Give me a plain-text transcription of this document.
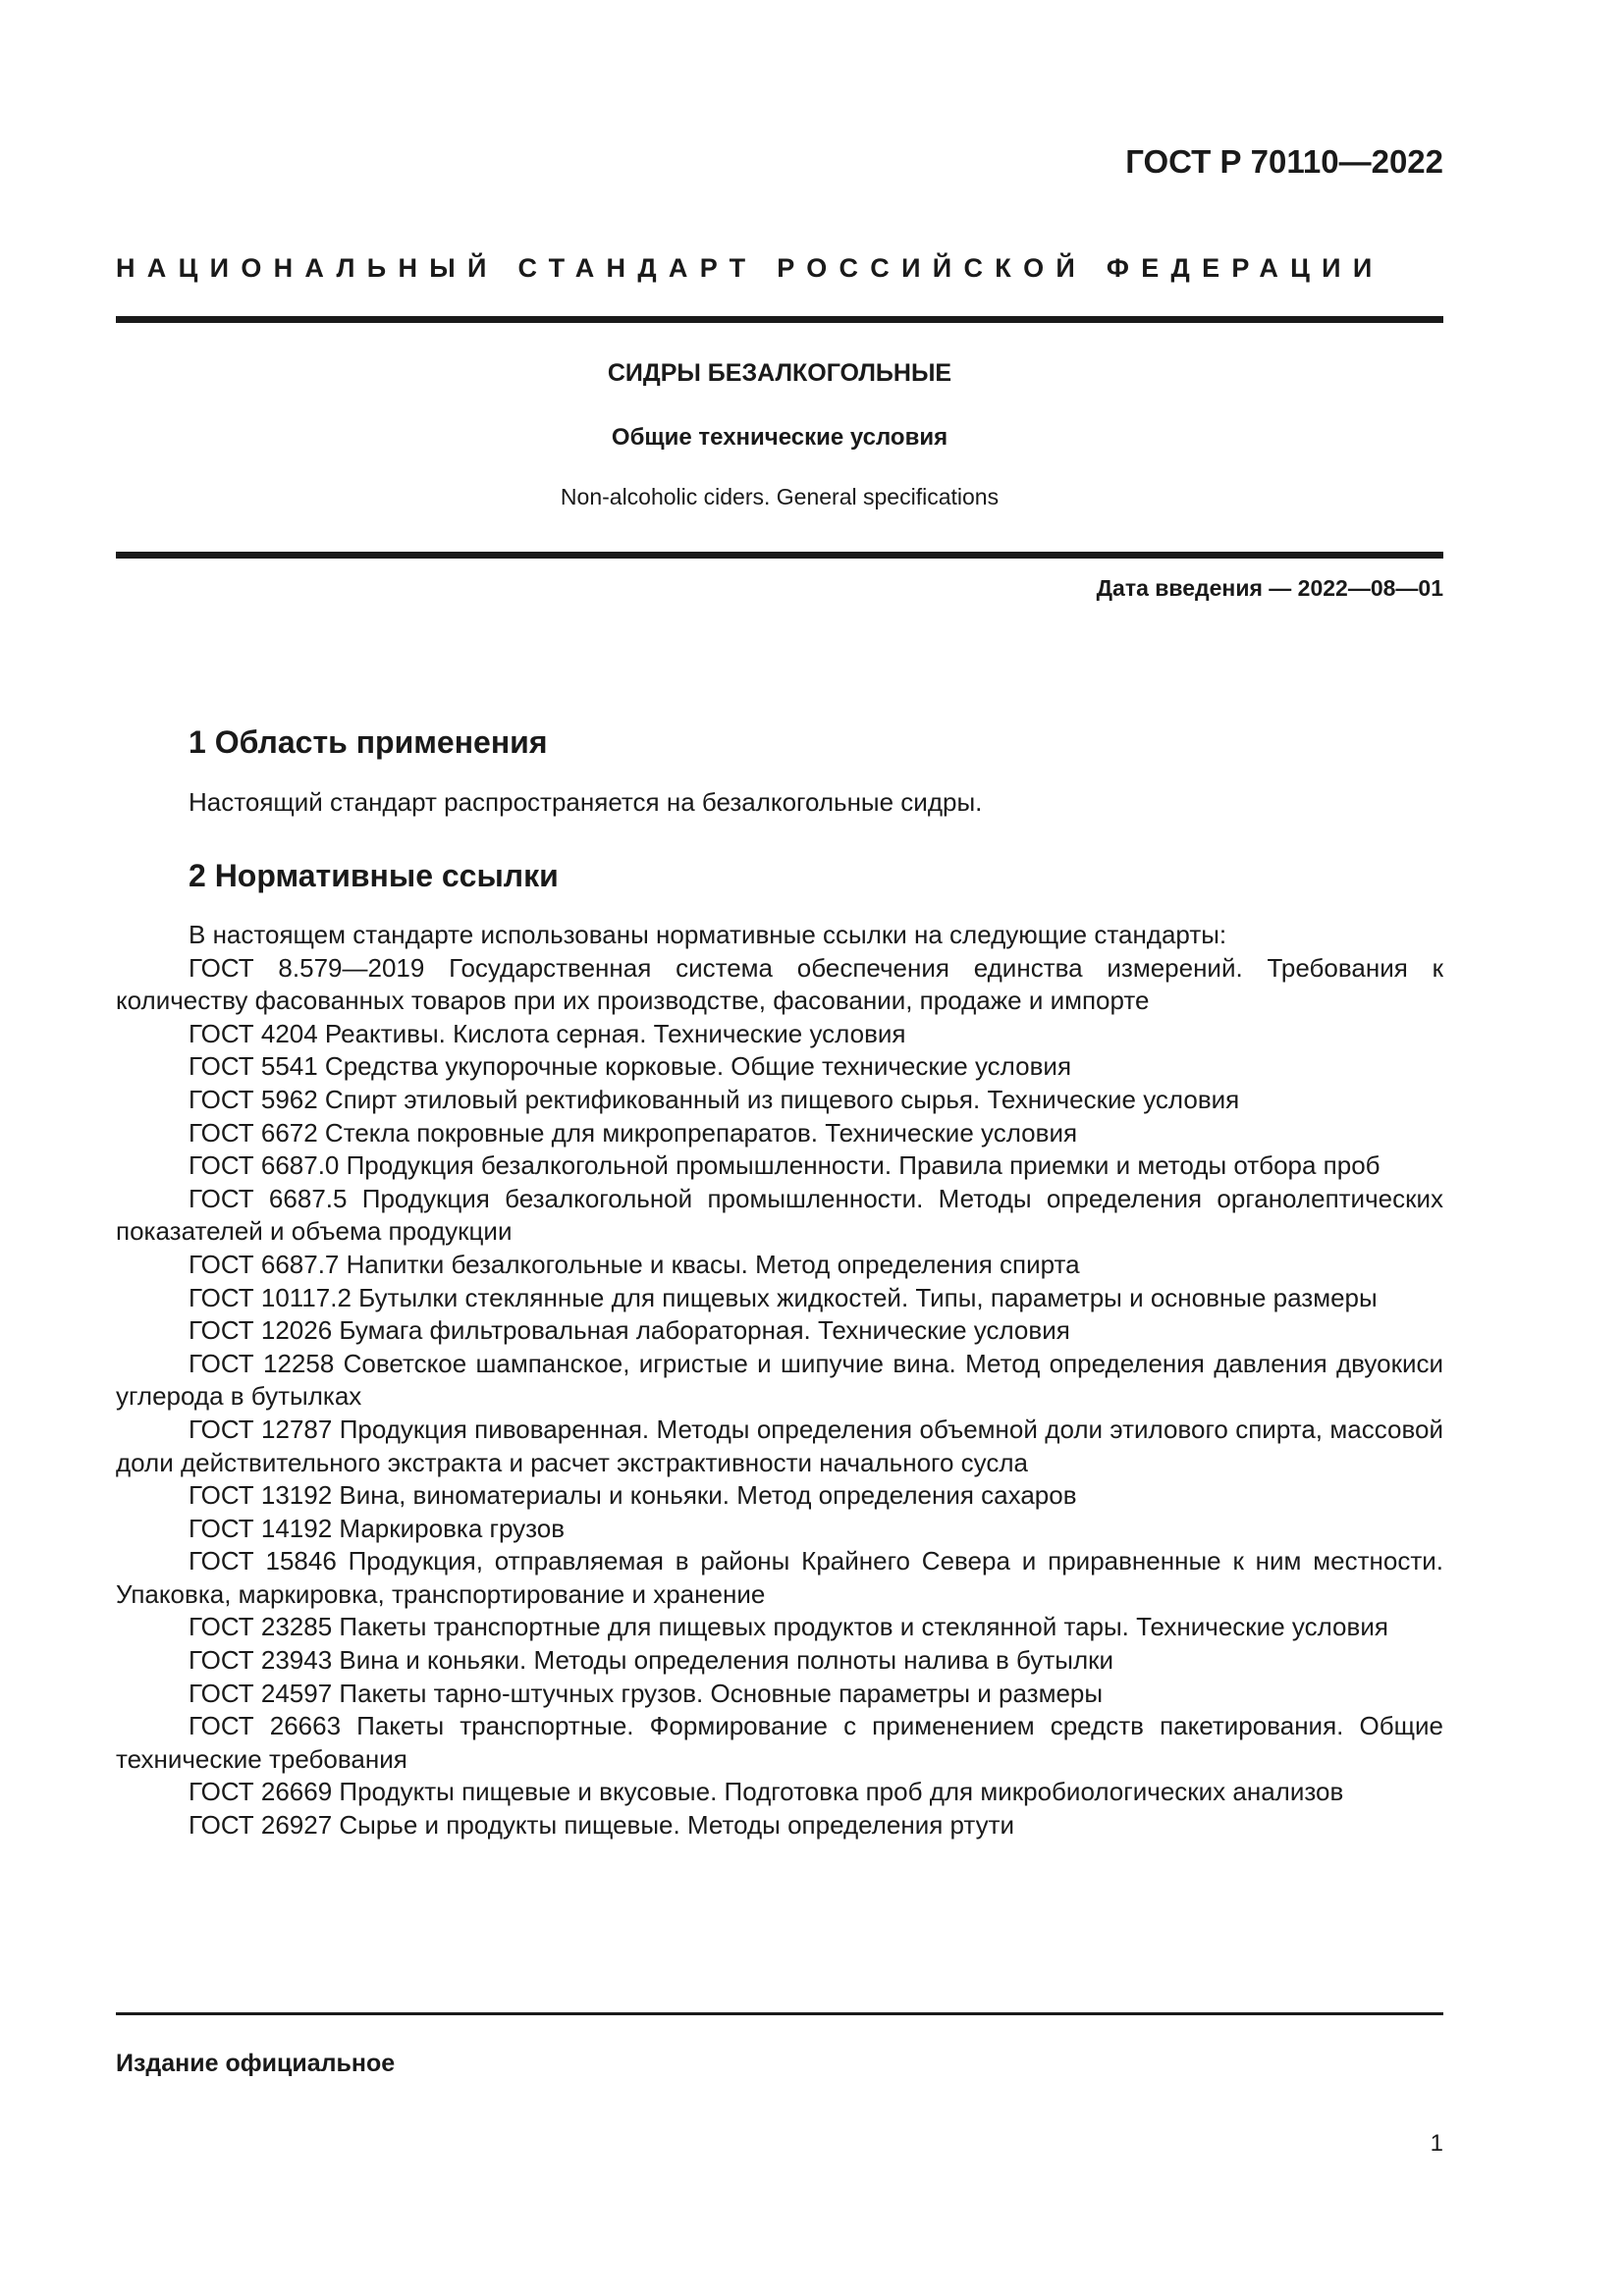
ГОСТ Р 70110—2022
НАЦИОНАЛЬНЫЙ СТАНДАРТ РОССИЙСКОЙ ФЕДЕРАЦИИ
СИДРЫ БЕЗАЛКОГОЛЬНЫЕ
Общие технические условия
Non-alcoholic ciders. General specifications
Дата введения — 2022—08—01
1 Область применения
Настоящий стандарт распространяется на безалкогольные сидры.
2 Нормативные ссылки

В настоящем стандарте использованы нормативные ссылки на следующие стандарты:

ГОСТ 8.579—2019 Государственная система обеспечения единства измерений. Требования к количеству фасованных товаров при их производстве, фасовании, продаже и импорте

ГОСТ 4204 Реактивы. Кислота серная. Технические условия

ГОСТ 5541 Средства укупорочные корковые. Общие технические условия

ГОСТ 5962 Спирт этиловый ректификованный из пищевого сырья. Технические условия

ГОСТ 6672 Стекла покровные для микропрепаратов. Технические условия

ГОСТ 6687.0 Продукция безалкогольной промышленности. Правила приемки и методы отбора проб

ГОСТ 6687.5 Продукция безалкогольной промышленности. Методы определения органолептических показателей и объема продукции

ГОСТ 6687.7 Напитки безалкогольные и квасы. Метод определения спирта

ГОСТ 10117.2 Бутылки стеклянные для пищевых жидкостей. Типы, параметры и основные размеры

ГОСТ 12026 Бумага фильтровальная лабораторная. Технические условия

ГОСТ 12258 Советское шампанское, игристые и шипучие вина. Метод определения давления двуокиси углерода в бутылках

ГОСТ 12787 Продукция пивоваренная. Методы определения объемной доли этилового спирта, массовой доли действительного экстракта и расчет экстрактивности начального сусла

ГОСТ 13192 Вина, виноматериалы и коньяки. Метод определения сахаров

ГОСТ 14192 Маркировка грузов

ГОСТ 15846 Продукция, отправляемая в районы Крайнего Севера и приравненные к ним местности. Упаковка, маркировка, транспортирование и хранение

ГОСТ 23285 Пакеты транспортные для пищевых продуктов и стеклянной тары. Технические условия

ГОСТ 23943 Вина и коньяки. Методы определения полноты налива в бутылки

ГОСТ 24597 Пакеты тарно-штучных грузов. Основные параметры и размеры

ГОСТ 26663 Пакеты транспортные. Формирование с применением средств пакетирования. Общие технические требования

ГОСТ 26669 Продукты пищевые и вкусовые. Подготовка проб для микробиологических анализов

ГОСТ 26927 Сырье и продукты пищевые. Методы определения ртути

Издание официальное
1
